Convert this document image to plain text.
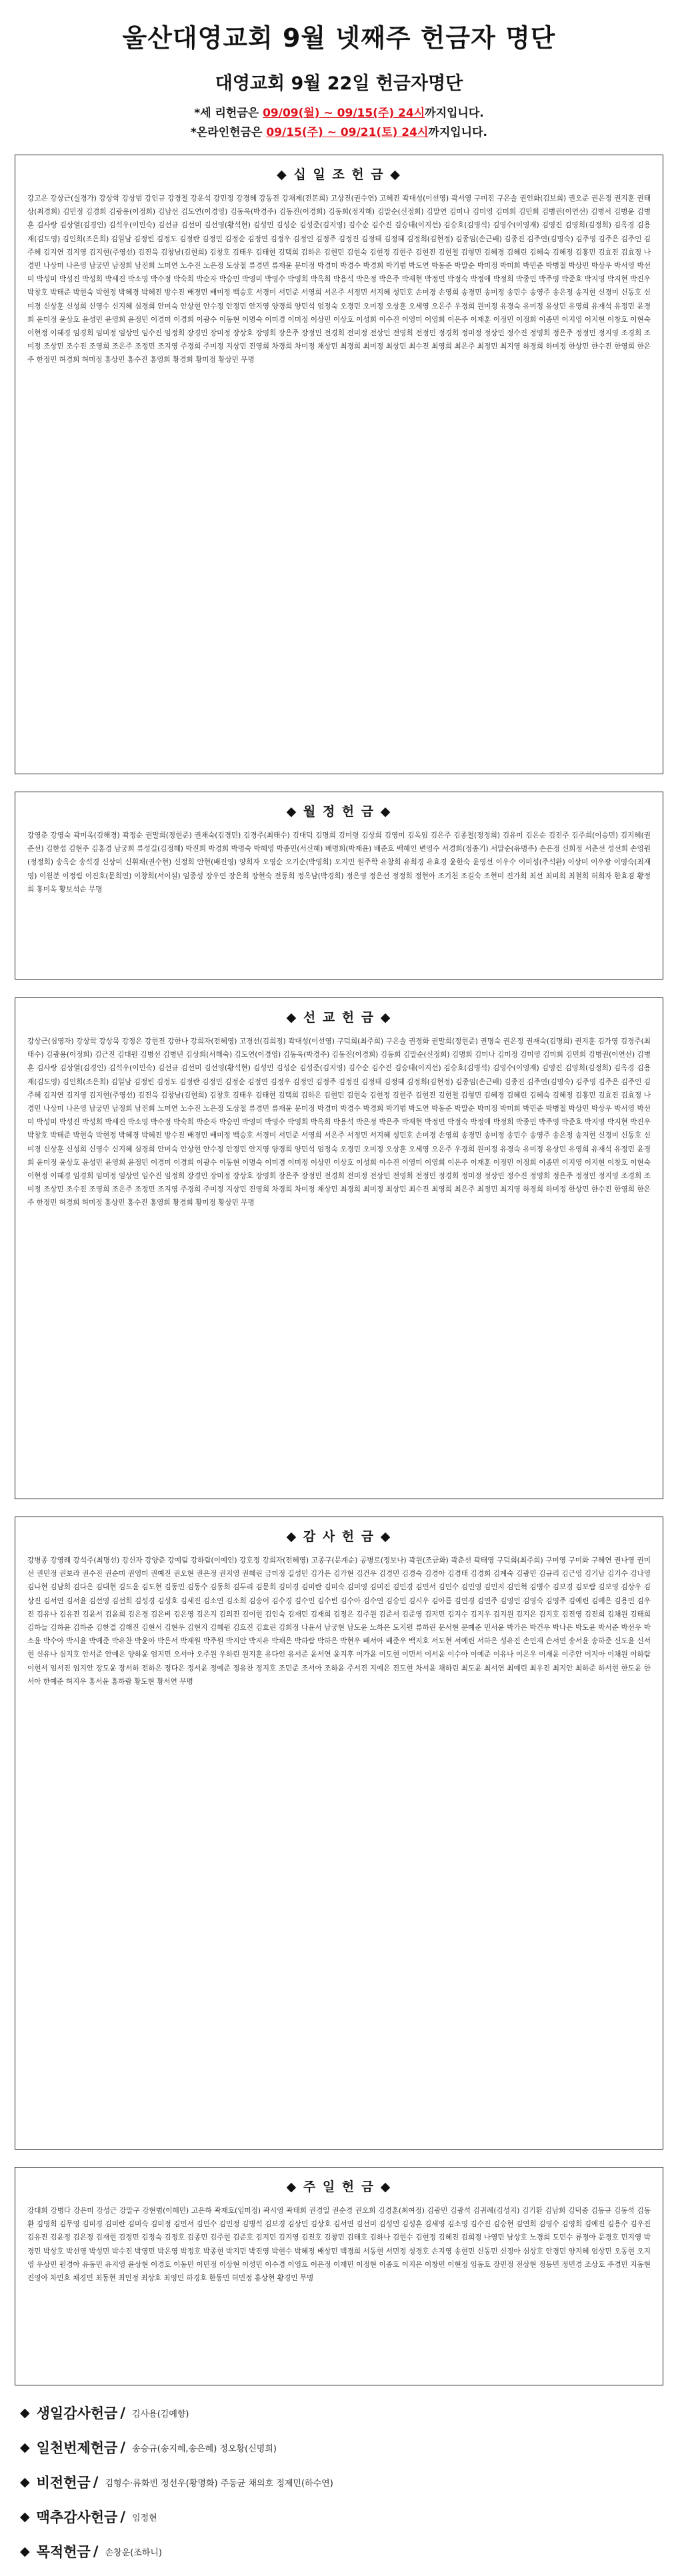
울산대영교회 9월 넷째주 헌금자 명단
대영교회 9월 22일 헌금자명단

*세 리헌금은 09/09(월) ~ 09/15(주) 24시까지입니다.

*온라인헌금은 09/15(주) ~ 09/21(토) 24시까지입니다.

◆ 십 일 조 헌 금 ◆
강고은 강상근(실경가) 강상학 강상범 강인규 강경철 강운석 강민정 강경혜 강동진 강채제(전본희) 고상진(권수연) 고혜진 곽대성(이선영) 곽서영 구미진 구은솔 권인화(김보희) 권오준 권은정 권지훈 권태상(최경희) 김민정 김경희 김광용(이정희) 김남선 김도연(이경영) 김동욱(박경주) 김동진(이경희) 김동희(정지해) 김말순(신정희) 김말연 김미나 김미영 김미희 김민희 김병권(이연선) 김병서 김병윤 김병훈 김사랑 김상열(김경인) 김석우(이민숙) 김선규 김선미 김선영(황석현) 김성민 김성순 김성준(김지영) 김수순 김수진 김승태(이지선) 김승호(김병석) 김영수(이영재) 김영진 김영희(김정희) 김옥경 김용재(김도영) 김인희(조은희) 김일남 김정빈 김정도 김정란 김정민 김정순 김정연 김정우 김정인 김정주 김정진 김정태 김정혜 김정희(김현정) 김종임(손근배) 김종진 김주연(김명숙) 김주영 김주은 김주인 김주혜 김지연 김지영 김지현(주영선) 김진욱 김창남(김현희) 김창호 김태우 김태현 김택희 김하은 김현민 김현숙 김현정 김현주 김현진 김현철 김형민 김혜경 김혜린 김혜숙 김혜정 김홍민 김효진 김효정 나경민 나상미 나은영 남궁민 남정희 남진희 노미연 노수진 노은정 도상철 류경민 류재윤 문미정 박경미 박경수 박경희 박기범 박도연 박동준 박말순 박미정 박미희 박민준 박병철 박상민 박상우 박서영 박선미 박성미 박성진 박성희 박세진 박소영 박수정 박숙희 박순자 박승민 박영미 박영수 박영희 박옥희 박용석 박은정 박은주 박재현 박정민 박정숙 박정애 박정희 박종민 박주영 박준호 박지영 박지현 박진우 박창호 박태준 박현숙 박현정 박혜경 박혜진 방수진 배경민 배미정 백승호 서경미 서민준 서영희 서은주 서정민 서지혜 성민호 손미경 손영희 송경민 송미정 송민수 송영주 송은정 송지현 신경미 신동호 신미경 신상훈 신성희 신영수 신지혜 심경희 안미숙 안상현 안수정 안정민 안지영 양경희 양민석 엄정숙 오경민 오미정 오상훈 오세영 오은주 우경희 원미정 유경숙 유미정 유상민 유영희 유재석 유정민 윤경희 윤미정 윤상호 윤성민 윤영희 윤정민 이경미 이경희 이광수 이동현 이명숙 이미경 이미정 이상민 이상호 이성희 이수진 이영미 이영희 이은주 이재훈 이정민 이정희 이종민 이지영 이지현 이창호 이현숙 이현정 이혜경 임경희 임미정 임상민 임수진 임정희 장경민 장미정 장상호 장영희 장은주 장정민 전경희 전미정 전상민 전영희 전정민 정경희 정미정 정상민 정수진 정영희 정은주 정정민 정지영 조경희 조미정 조상민 조수진 조영희 조은주 조정민 조지영 주경희 주미정 지상민 진영희 차경희 차미정 채상민 최경희 최미정 최상민 최수진 최영희 최은주 최정민 최지영 하경희 하미정 한상민 한수진 한영희 한은주 한정민 허경희 허미정 홍상민 홍수진 홍영희 황경희 황미정 황상민 무명
◆ 월 정 헌 금 ◆
강영춘 강영숙 곽미옥(김해경) 곽정순 권말희(정현준) 권채숙(김경민) 김경주(최태수) 김대덕 김명희 김미령 김상희 김영미 김옥임 김은주 김종철(정정희) 김유미 김은순 김진주 김주희(이승민) 김지혜(권준선) 김한섭 김현주 김홍경 남궁희 류성길(김정혜) 박진희 박경희 박명숙 박혜영 박종민(서신혜) 배명희(박재윤) 배준호 백혜인 변영수 서경희(정종기) 서말순(유명주) 손은정 신희정 서춘선 성선희 손영원(정정희) 송옥순 송석경 신상미 신휘채(권수현) 신정희 안현(배진영) 양희자 오영순 오기순(박영희) 오지민 원주학 유창희 유희경 유효경 윤한숙 윤영선 이우수 이미성(주석완) 이상미 이우광 이영숙(최재영) 이월분 이정림 이진호(문희연) 이창희(서이설) 임종성 장우연 장은희 장현숙 전동희 정옥남(박경희) 정은영 정은선 정정희 정현아 조기천 조길숙 조현미 진가희 최선 최미희 최철희 허희자 한효겸 황정희 홍미옥 황보석순 무명
◆ 선 교 헌 금 ◆
강상근(심영자) 강상학 강상묵 강정은 강현진 강한나 강희자(전혜영) 고경선(김희정) 곽대성(이선영) 구덕희(최주희) 구은솔 권경화 권말희(정현준) 권명숙 권은정 권재숙(김명희) 권지훈 김가영 김경주(최태수) 김광용(이정희) 김근진 김대원 김병선 김병년 김상희(서해숙) 김도연(이경영) 김동욱(박경주) 김동진(이경희) 김동희 김말순(신정희) 김명희 김미나 김미정 김미영 김미희 김민희 김병권(이연선) 김병훈 김사랑 김상열(김경인) 김석우(이민숙) 김선규 김선미 김선영(황석현) 김성민 김성순 김성준(김지영) 김수순 김수진 김승태(이지선) 김승호(김병석) 김영수(이영재) 김영진 김영희(김정희) 김옥경 김용재(김도영) 김인희(조은희) 김일남 김정빈 김정도 김정란 김정민 김정순 김정연 김정우 김정인 김정주 김정진 김정태 김정혜 김정희(김현정) 김종임(손근배) 김종진 김주연(김명숙) 김주영 김주은 김주인 김주혜 김지연 김지영 김지현(주영선) 김진욱 김창남(김현희) 김창호 김태우 김태현 김택희 김하은 김현민 김현숙 김현정 김현주 김현진 김현철 김형민 김혜경 김혜린 김혜숙 김혜정 김홍민 김효진 김효정 나경민 나상미 나은영 남궁민 남정희 남진희 노미연 노수진 노은정 도상철 류경민 류재윤 문미정 박경미 박경수 박경희 박기범 박도연 박동준 박말순 박미정 박미희 박민준 박병철 박상민 박상우 박서영 박선미 박성미 박성진 박성희 박세진 박소영 박수정 박숙희 박순자 박승민 박영미 박영수 박영희 박옥희 박용석 박은정 박은주 박재현 박정민 박정숙 박정애 박정희 박종민 박주영 박준호 박지영 박지현 박진우 박창호 박태준 박현숙 박현정 박혜경 박혜진 방수진 배경민 배미정 백승호 서경미 서민준 서영희 서은주 서정민 서지혜 성민호 손미경 손영희 송경민 송미정 송민수 송영주 송은정 송지현 신경미 신동호 신미경 신상훈 신성희 신영수 신지혜 심경희 안미숙 안상현 안수정 안정민 안지영 양경희 양민석 엄정숙 오경민 오미정 오상훈 오세영 오은주 우경희 원미정 유경숙 유미정 유상민 유영희 유재석 유정민 윤경희 윤미정 윤상호 윤성민 윤영희 윤정민 이경미 이경희 이광수 이동현 이명숙 이미경 이미정 이상민 이상호 이성희 이수진 이영미 이영희 이은주 이재훈 이정민 이정희 이종민 이지영 이지현 이창호 이현숙 이현정 이혜경 임경희 임미정 임상민 임수진 임정희 장경민 장미정 장상호 장영희 장은주 장정민 전경희 전미정 전상민 전영희 전정민 정경희 정미정 정상민 정수진 정영희 정은주 정정민 정지영 조경희 조미정 조상민 조수진 조영희 조은주 조정민 조지영 주경희 주미정 지상민 진영희 차경희 차미정 채상민 최경희 최미정 최상민 최수진 최영희 최은주 최정민 최지영 하경희 하미정 한상민 한수진 한영희 한은주 한정민 허경희 허미정 홍상민 홍수진 홍영희 황경희 황미정 황상민 무명
◆ 감 사 헌 금 ◆
강병종 강영례 강석주(최명선) 강신자 강양춘 강예림 강하람(이예인) 강호정 강희자(전혜영) 고종구(문계순) 공병로(정보나) 곽원(조금화) 곽춘선 곽태영 구덕희(최주희) 구미영 구미화 구혜연 권나영 권미선 권민정 권보라 권수진 권순미 권영미 권예진 권오현 권은정 권지영 권혜린 금미정 길성민 김가은 김가현 김건우 김경민 김경숙 김경아 김경태 김경희 김계숙 김광민 김규리 김근영 김기남 김기수 김나영 김나현 김남희 김다은 김대현 김도윤 김도현 김동민 김동수 김동희 김두리 김문희 김미경 김미란 김미숙 김미영 김미진 김민경 김민서 김민수 김민영 김민지 김민혁 김병수 김보경 김보람 김보영 김상우 김상진 김서연 김서윤 김선영 김선희 김성경 김성호 김세진 김소연 김소희 김송이 김수경 김수민 김수빈 김수아 김수연 김승민 김시우 김아름 김연경 김연주 김영민 김영숙 김영주 김예린 김예은 김용민 김우진 김유나 김유진 김윤서 김윤희 김은경 김은비 김은영 김은지 김의진 김이현 김인숙 김재민 김재희 김정은 김주원 김준서 김준영 김지민 김지수 김지우 김지원 김지은 김지호 김진영 김진희 김채원 김태희 김하늘 김하윤 김하준 김한결 김해진 김현서 김현우 김현지 김혜원 김호진 김효린 김희정 나윤서 남궁현 남도윤 노하은 도지원 류하린 문서현 문예준 민서윤 박가은 박건우 박나은 박도윤 박서준 박선우 박소윤 박수아 박시윤 박예준 박유찬 박윤아 박은서 박재원 박주원 박지안 박지유 박채은 박하람 박하은 박현우 배서아 배준우 백지호 서도현 서예린 서하은 성유진 손민재 손서연 송서윤 송하준 신도윤 신서현 신유나 심지호 안서준 안예은 양하윤 엄지민 오서아 오주원 우하린 원지훈 유다인 유서준 윤서연 윤지후 이가윤 이도현 이민서 이서윤 이수아 이예준 이유나 이은우 이재윤 이주안 이지아 이채원 이하람 이현서 임서진 임지안 장도윤 장서하 전하은 정다은 정서윤 정예준 정유찬 정지호 조민준 조서아 조하윤 주서진 지예은 진도현 차서윤 채하린 최도윤 최서연 최예린 최우진 최지안 최하준 하서현 한도윤 한서아 한예준 허지우 홍서윤 홍하람 황도현 황서연 무명
◆ 주 일 헌 금 ◆
강대희 강병다 강은미 강성근 강말구 강현범(이혜민) 고은하 곽재호(임미정) 곽시영 곽태희 권경일 권순경 권오희 김경훈(최여정) 김광민 김광석 김귀례(김성지) 김기환 김남희 김덕중 김동규 김동석 김동환 김명희 김무영 김미경 김미란 김미숙 김미정 김민서 김민수 김민정 김병석 김보경 김상민 김상호 김서연 김선미 김성민 김성훈 김세영 김소영 김수진 김승현 김연희 김영수 김영희 김예진 김용수 김우진 김유진 김윤정 김은정 김재현 김정민 김정숙 김정호 김종민 김주현 김준호 김지민 김지영 김진호 김창민 김태호 김하나 김현수 김현정 김혜진 김희정 나영민 남상호 노경희 도민수 류정아 문경호 민지영 박경민 박상호 박선영 박성민 박수진 박영민 박은영 박정호 박종현 박지민 박진영 박현수 박혜정 배상민 백경희 서동현 서민정 성경호 손지영 송현민 신동민 신정아 심상호 안경민 양지혜 엄상민 오동현 오지영 우상민 원경아 유동민 유지영 윤상현 이경호 이동민 이민정 이상현 이성민 이수경 이영호 이은정 이재민 이정현 이종호 이지은 이창민 이현정 임동호 장민정 전상현 정동민 정민경 조상호 주경민 지동현 진영아 차민호 채경민 최동현 최민정 최상호 최영민 하경호 한동민 허민정 홍상현 황경민 무명
◆ 생일감사헌금 / 김사용(김예향)
◆ 일천번제헌금 / 송승규(송지혜,송은혜) 정오황(신명희)
◆ 비전헌금 / 김형수·류화빈 정선우(황명화) 주동균 채의호 정제민(하수연)
◆ 맥추감사헌금 / 임정현
◆ 목적헌금 / 손창운(조하니)
